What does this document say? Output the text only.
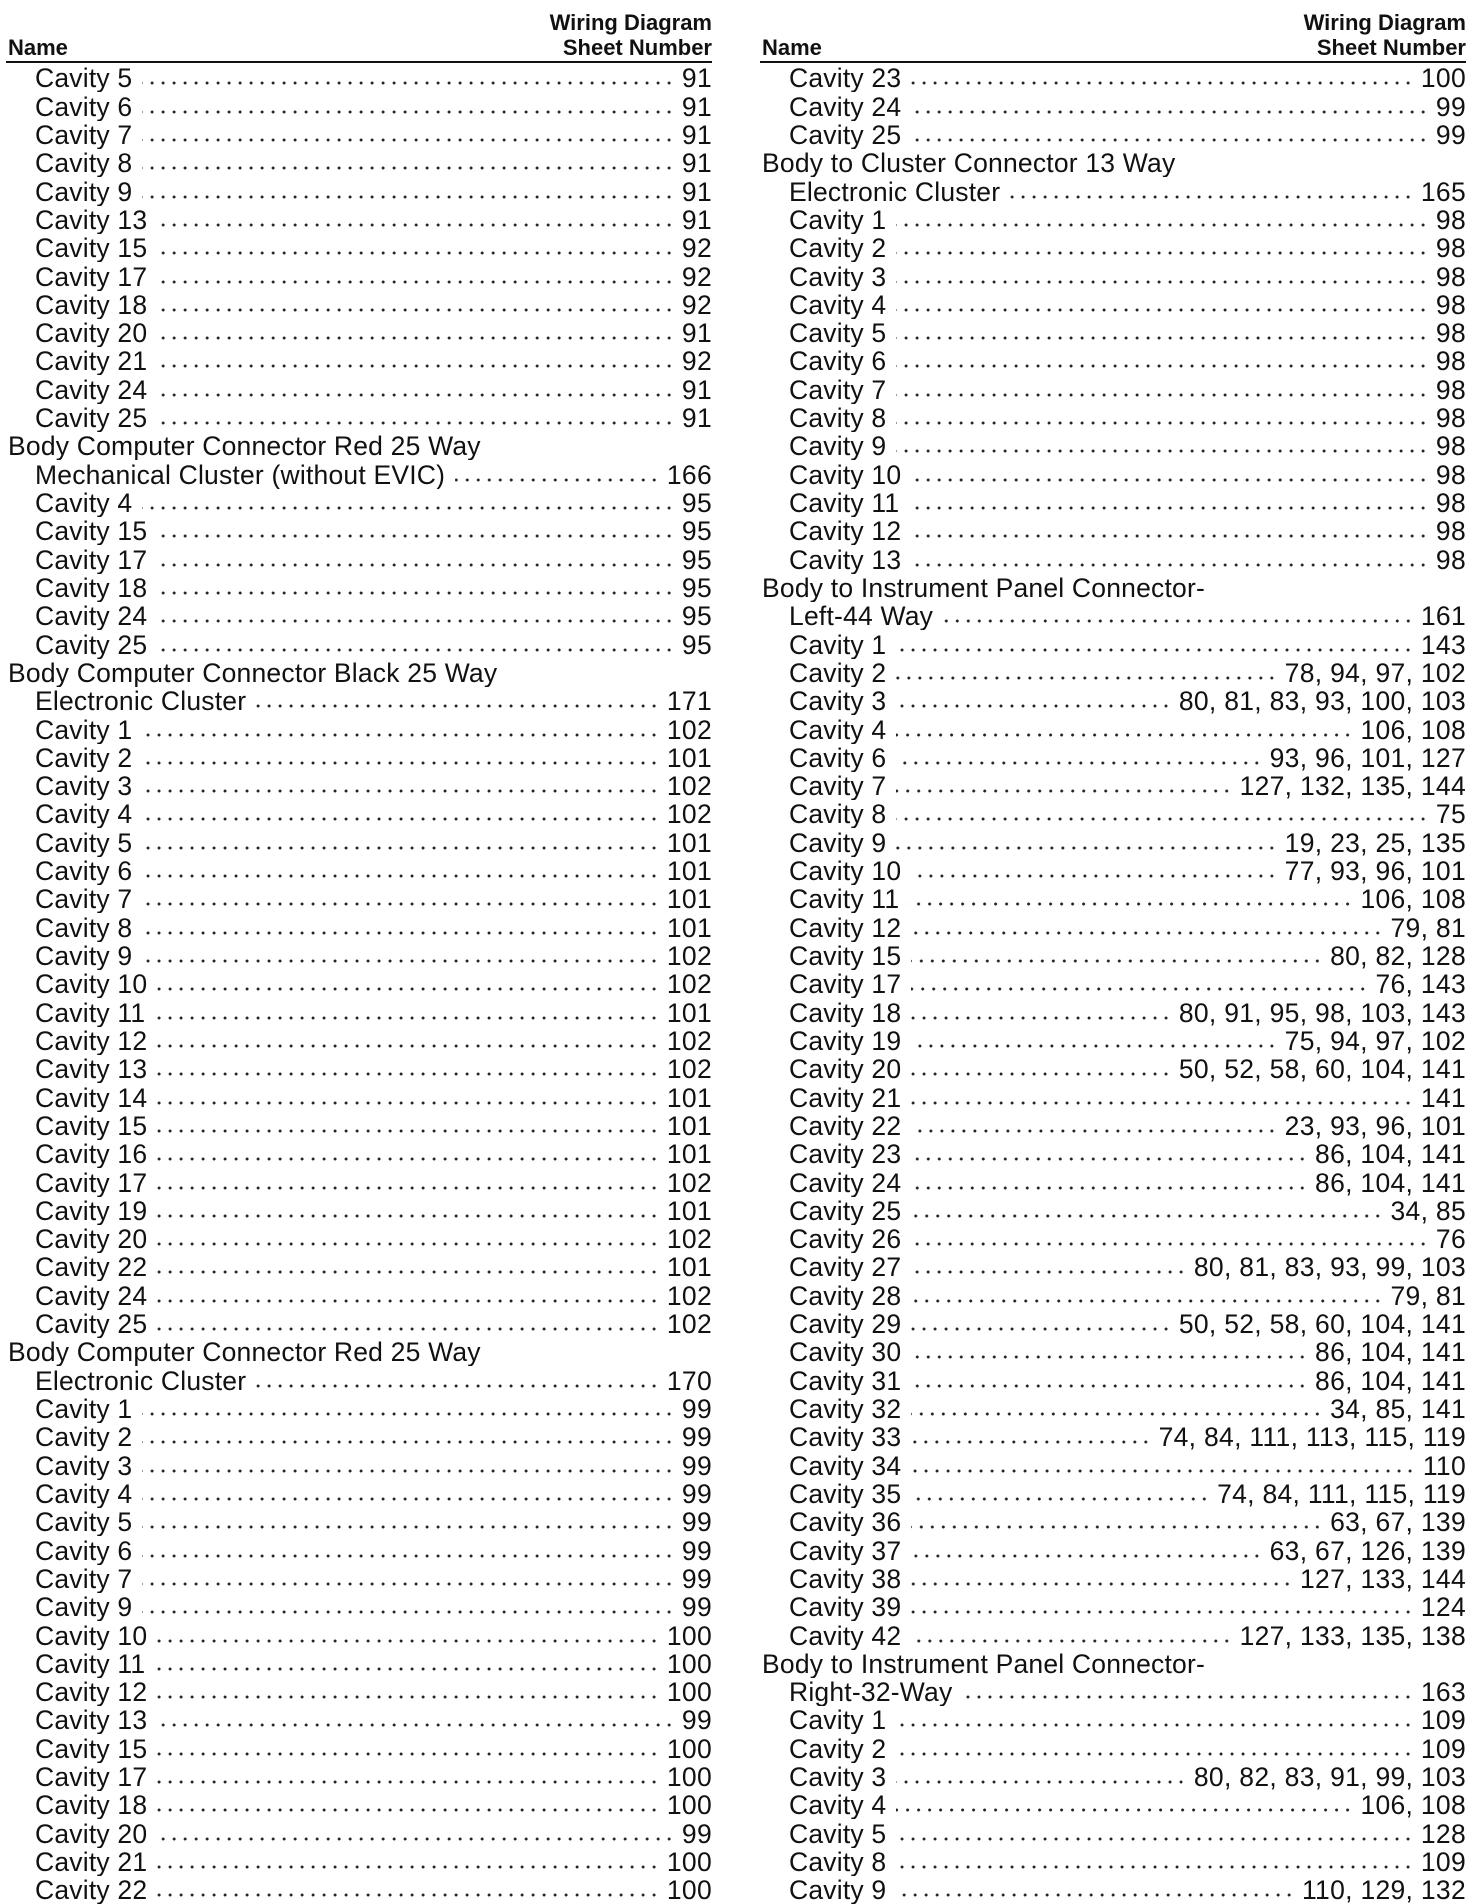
Name
Wiring Diagram
Sheet Number
Cavity 5	91
Cavity 6	91
Cavity 7	91
Cavity 8	91
Cavity 9	91
Cavity 13	91
Cavity 15	92
Cavity 17	92
Cavity 18	92
Cavity 20	91
Cavity 21	92
Cavity 24	91
Cavity 25	91
Body Computer Connector Red 25 Way
Mechanical Cluster (without EVIC)	166
Cavity 4	95
Cavity 15	95
Cavity 17	95
Cavity 18	95
Cavity 24	95
Cavity 25	95
Body Computer Connector Black 25 Way
Electronic Cluster	171
Cavity 1	102
Cavity 2	101
Cavity 3	102
Cavity 4	102
Cavity 5	101
Cavity 6	101
Cavity 7	101
Cavity 8	101
Cavity 9	102
Cavity 10	102
Cavity 11	101
Cavity 12	102
Cavity 13	102
Cavity 14	101
Cavity 15	101
Cavity 16	101
Cavity 17	102
Cavity 19	101
Cavity 20	102
Cavity 22	101
Cavity 24	102
Cavity 25	102
Body Computer Connector Red 25 Way
Electronic Cluster	170
Cavity 1	99
Cavity 2	99
Cavity 3	99
Cavity 4	99
Cavity 5	99
Cavity 6	99
Cavity 7	99
Cavity 9	99
Cavity 10	100
Cavity 11	100
Cavity 12	100
Cavity 13	99
Cavity 15	100
Cavity 17	100
Cavity 18	100
Cavity 20	99
Cavity 21	100
Cavity 22	100
Name
Wiring Diagram
Sheet Number
Cavity 23	100
Cavity 24	99
Cavity 25	99
Body to Cluster Connector 13 Way
Electronic Cluster	165
Cavity 1	98
Cavity 2	98
Cavity 3	98
Cavity 4	98
Cavity 5	98
Cavity 6	98
Cavity 7	98
Cavity 8	98
Cavity 9	98
Cavity 10	98
Cavity 11	98
Cavity 12	98
Cavity 13	98
Body to Instrument Panel Connector-
Left-44 Way	161
Cavity 1	143
Cavity 2	78, 94, 97, 102
Cavity 3	80, 81, 83, 93, 100, 103
Cavity 4	106, 108
Cavity 6	93, 96, 101, 127
Cavity 7	127, 132, 135, 144
Cavity 8	75
Cavity 9	19, 23, 25, 135
Cavity 10	77, 93, 96, 101
Cavity 11	106, 108
Cavity 12	79, 81
Cavity 15	80, 82, 128
Cavity 17	76, 143
Cavity 18	80, 91, 95, 98, 103, 143
Cavity 19	75, 94, 97, 102
Cavity 20	50, 52, 58, 60, 104, 141
Cavity 21	141
Cavity 22	23, 93, 96, 101
Cavity 23	86, 104, 141
Cavity 24	86, 104, 141
Cavity 25	34, 85
Cavity 26	76
Cavity 27	80, 81, 83, 93, 99, 103
Cavity 28	79, 81
Cavity 29	50, 52, 58, 60, 104, 141
Cavity 30	86, 104, 141
Cavity 31	86, 104, 141
Cavity 32	34, 85, 141
Cavity 33	74, 84, 111, 113, 115, 119
Cavity 34	110
Cavity 35	74, 84, 111, 115, 119
Cavity 36	63, 67, 139
Cavity 37	63, 67, 126, 139
Cavity 38	127, 133, 144
Cavity 39	124
Cavity 42	127, 133, 135, 138
Body to Instrument Panel Connector-
Right-32-Way	163
Cavity 1	109
Cavity 2	109
Cavity 3	80, 82, 83, 91, 99, 103
Cavity 4	106, 108
Cavity 5	128
Cavity 8	109
Cavity 9	110, 129, 132
